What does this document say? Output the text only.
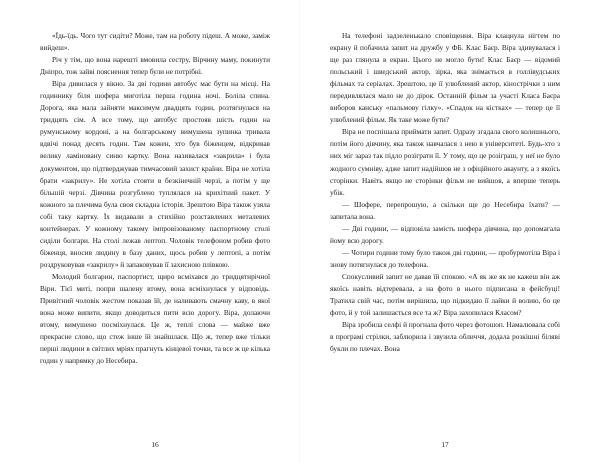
«Їдь-їдь. Чого тут сидіти? Може, там на роботу підеш. А може, заміж вийдеш».

Річ у тім, що вона нарешті вмовила сестру, Вірчину маму, покинути Дніпро, тож зайві пояснення тепер були не потрібні.

Віра дивилася у вікно. За дві години автобус має бути на місці. На годиннику біля шофера миготіла перша година ночі. Боліла спина. Дорога, яка мала зайняти максимум двадцять годин, розтягнулася на тридцять сім. А все тому, що автобус простояв шість годин на румунському кордоні, а на болгарському вимушена зупинка тривала вдвічі понад десять годин. Там кожен, хто був біженцем, відкривав велику ламіновану синю картку. Вона називалася «закрила» і була документом, що підтверджував тимчасовий захист країни. Віра не хотіла брати «закрилу». Не хотіла стояти в безкінечній черзі, а потім у ще більшій черзі. Дівчина розгублено туплялася на крихітний пакет. У кожного за плечима була своя складна історія. Зрештою Віра також узяла собі таку картку. Їх видавали в стихійно розставлених металевих контейнерах. У кожному такому імпровізованому паспортному столі сиділи болгари. На столі лежав лептоп. Чоловік телефоном робив фото біженця, вносив людину в базу даних, щось робив у лептопі, а потім роздруковував «закрилу» й запаковував її захисною плівкою.

Молодий болгарин, паспортист, щиро всміхався до тридцятирічної Віри. Тієї миті, попри шалену втому, вона всміхнулася у відповідь. Привітний чоловік жестом показав їй, де наливають смачну каву, в якої вона може випити, якщо доводиться пити всю дорогу. Віра, долаючи втому, вимушено посміхнулася. Це ж, теплі слова — майже вже прекрасне слово, що стеж інше їй знайшлася. Що ж, тепер вже тільки перші людини в світлих мріях прагнуть кінцевої точки, та все ж це кілька годин у напрямку до Несебира.

На телефоні задзеленькало сповіщення. Віра клацнула нігтем по екрану й побачила запит на дружбу у ФБ. Клас Баєр. Віра здивувалася і ще раз глянула в екран. Цього не могло бути! Клас Баєр — відомий польський і шведський актор, зірка, яка знімається в голлівудських фільмах та серіалах. Зрештою, це її улюблений актор, кінострічки з ним передивлялася мало не до дірок. Останній фільм за участі Класа Баєра виборов канську «пальмову гілку». «Спадок на кістках» — тепер це її улюблений фільм. Як таке може бути?

Віра не поспішала приймати запит. Одразу згадала свого колишнього, потім його дівчину, яка також навчалася з нею в університеті. Будь-хто з них міг зараз так підло розіграти її. У тому, що це розіграш, у неї не було жодного сумніву, адже запит надійшов не з офіційного акаунту, а з якоїсь сторінки. Навіть якщо не сторінки фільм не вийшов, а вперше теперь убік.

— Шофере, перепрошую, а скільки ще до Несебира їхати? — запитала вона.

— Дві години, — відповіла замість шофера дівчина, що допомагала йому всю дорогу.

— Чотири години тому було також дві години, — пробурмотіла Віра і знову потягнулася до телефона.

Спокусливий запит не давав їй спокою. «А як же як не кажеш він аж якоїсь навіть відтеревала, а на фото в нього підписана в фейсбуці! Тратила свій час, потім вирішила, що підкидаю її лайки й волию, бо це фото, й у той залишається все та ж? Віра захопилася Класом?

Віра зробила селфі й прогнала фото через фотошоп. Намалювала собі в програмі стрілки, заблюрила і звузила обличчя, додала розкішні біляві букли по плечах. Вона

16	17
